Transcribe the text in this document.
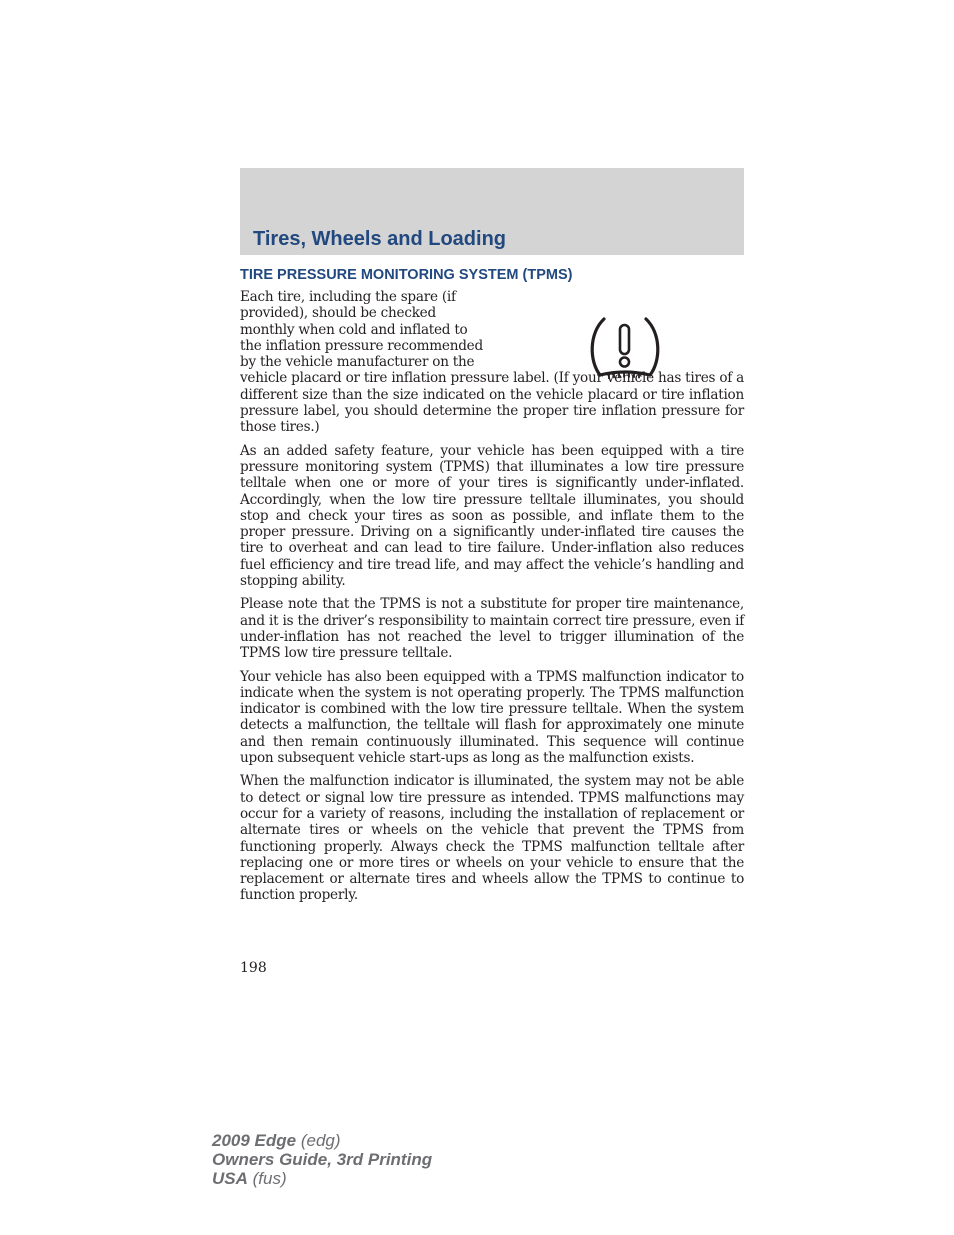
Tires, Wheels and Loading
TIRE PRESSURE MONITORING SYSTEM (TPMS)
Each tire, including the spare (if
provided), should be checked
monthly when cold and inflated to
the inflation pressure recommended
by the vehicle manufacturer on the

vehicle placard or tire inflation pressure label. (If your vehicle has tires of a different size than the size indicated on the vehicle placard or tire inflation pressure label, you should determine the proper tire inflation pressure for those tires.)

As an added safety feature, your vehicle has been equipped with a tire pressure monitoring system (TPMS) that illuminates a low tire pressure telltale when one or more of your tires is significantly under-inflated. Accordingly, when the low tire pressure telltale illuminates, you should stop and check your tires as soon as possible, and inflate them to the proper pressure. Driving on a significantly under-inflated tire causes the tire to overheat and can lead to tire failure. Under-inflation also reduces fuel efficiency and tire tread life, and may affect the vehicle’s handling and stopping ability.

Please note that the TPMS is not a substitute for proper tire maintenance, and it is the driver’s responsibility to maintain correct tire pressure, even if under-inflation has not reached the level to trigger illumination of the TPMS low tire pressure telltale.

Your vehicle has also been equipped with a TPMS malfunction indicator to indicate when the system is not operating properly. The TPMS malfunction indicator is combined with the low tire pressure telltale. When the system detects a malfunction, the telltale will flash for approximately one minute and then remain continuously illuminated. This sequence will continue upon subsequent vehicle start-ups as long as the malfunction exists.

When the malfunction indicator is illuminated, the system may not be able to detect or signal low tire pressure as intended. TPMS malfunctions may occur for a variety of reasons, including the installation of replacement or alternate tires or wheels on the vehicle that prevent the TPMS from functioning properly. Always check the TPMS malfunction telltale after replacing one or more tires or wheels on your vehicle to ensure that the replacement or alternate tires and wheels allow the TPMS to continue to function properly.

198
2009 Edge (edg)
Owners Guide, 3rd Printing
USA (fus)
